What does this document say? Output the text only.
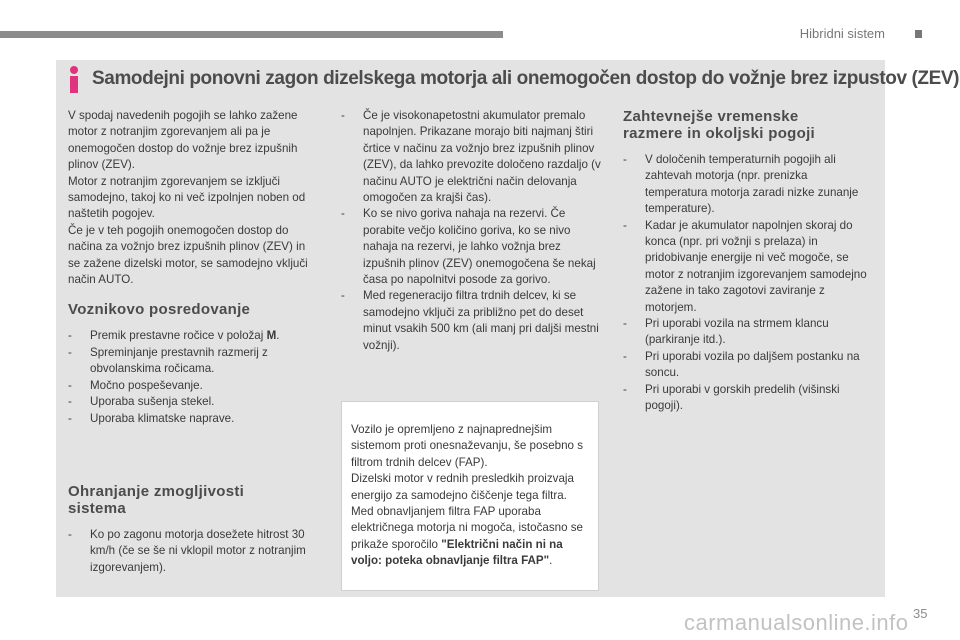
Hibridni sistem
Samodejni ponovni zagon dizelskega motorja ali onemogočen dostop do vožnje brez izpustov (ZEV)

V spodaj navedenih pogojih se lahko zažene motor z notranjim zgorevanjem ali pa je onemogočen dostop do vožnje brez izpušnih plinov (ZEV).

Motor z notranjim zgorevanjem se izklјuči samodejno, takoj ko ni več izpolnjen noben od naštetih pogojev.

Če je v teh pogojih onemogočen dostop do načina za vožnjo brez izpušnih plinov (ZEV) in se zažene dizelski motor, se samodejno vključi način AUTO.

Voznikovo posredovanje
- Premik prestavne ročice v položaj M.
- Spreminjanje prestavnih razmerij z obvolanskima ročicama.
- Močno pospeševanje.
- Uporaba sušenja stekel.
- Uporaba klimatske naprave.
Ohranjanje zmogljivosti sistema
- Ko po zagonu motorja dosežete hitrost 30 km/h (če se še ni vklopil motor z notranjim izgorevanjem).
- Če je visokonapetostni akumulator premalo napolnjen. Prikazane morajo biti najmanj štiri črtice v načinu za vožnjo brez izpušnih plinov (ZEV), da lahko prevozite določeno razdaljo (v načinu AUTO je električni način delovanja omogočen za krajši čas).
- Ko se nivo goriva nahaja na rezervi. Če porabite večjo količino goriva, ko se nivo nahaja na rezervi, je lahko vožnja brez izpušnih plinov (ZEV) onemogočena še nekaj časa po napolnitvi posode za gorivo.
- Med regeneracijo filtra trdnih delcev, ki se samodejno vključi za približno pet do deset minut vsakih 500 km (ali manj pri daljši mestni vožnji).

Vozilo je opremljeno z najnaprednejšim sistemom proti onesnaževanju, še posebno s filtrom trdnih delcev (FAP).
Dizelski motor v rednih presledkih proizvaja energijo za samodejno čiščenje tega filtra.
Med obnavljanjem filtra FAP uporaba električnega motorja ni mogoča, istočasno se prikaže sporočilo "Električni način ni na voljo: poteka obnavljanje filtra FAP".

Zahtevnejše vremenske razmere in okoljski pogoji
- V določenih temperaturnih pogojih ali zahtevah motorja (npr. prenizka temperatura motorja zaradi nizke zunanje temperature).
- Kadar je akumulator napolnjen skoraj do konca (npr. pri vožnji s prelaza) in pridobivanje energije ni več mogoče, se motor z notranjim izgorevanjem samodejno zažene in tako zagotovi zaviranje z motorjem.
- Pri uporabi vozila na strmem klancu (parkiranje itd.).
- Pri uporabi vozila po daljšem postanku na soncu.
- Pri uporabi v gorskih predelih (višinski pogoji).
carmanualsonline.info 35
